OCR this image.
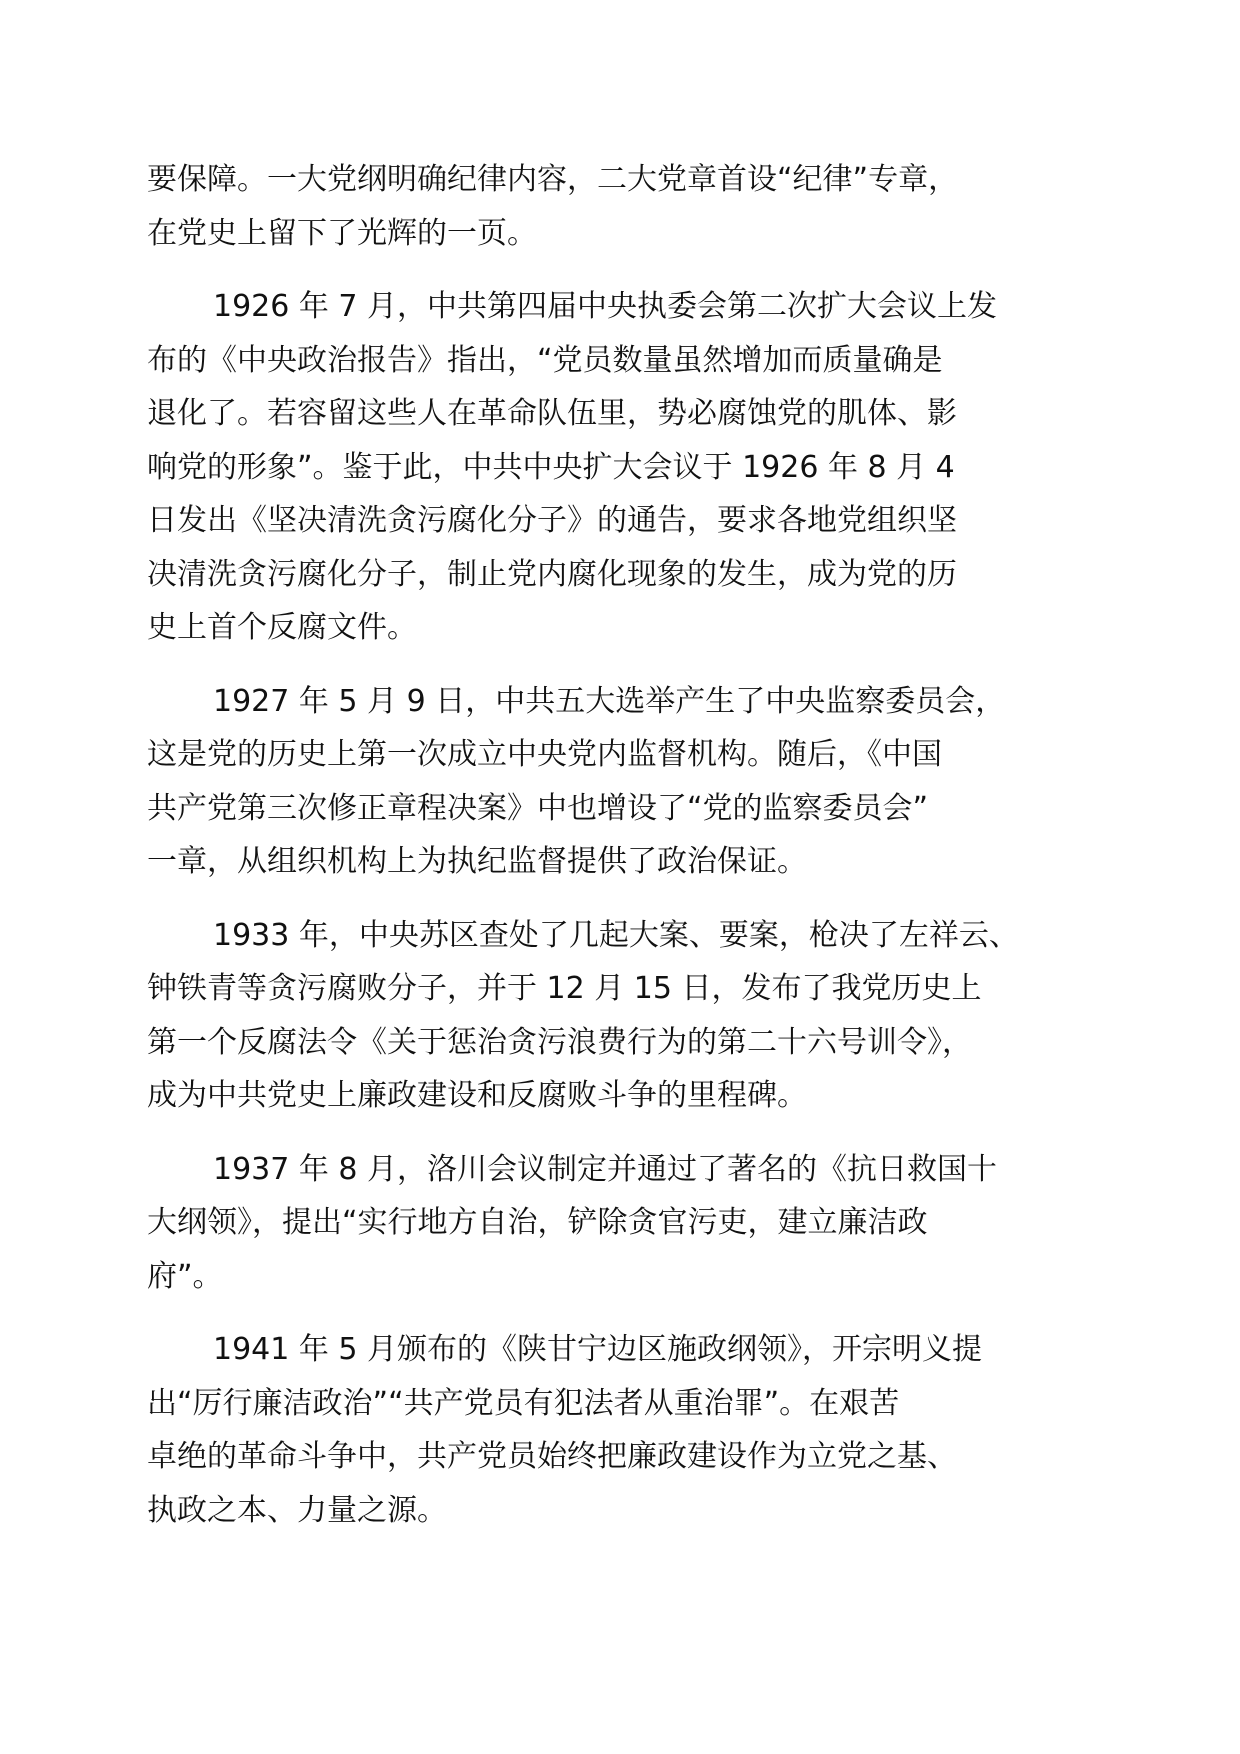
要保障。一大党纲明确纪律内容，二大党章首设“纪律”专章，
在党史上留下了光辉的一页。
1926 年 7 月，中共第四届中央执委会第二次扩大会议上发
布的《中央政治报告》指出，“党员数量虽然增加而质量确是
退化了。若容留这些人在革命队伍里，势必腐蚀党的肌体、影
响党的形象”。鉴于此，中共中央扩大会议于 1926 年 8 月 4
日发出《坚决清洗贪污腐化分子》的通告，要求各地党组织坚
决清洗贪污腐化分子，制止党内腐化现象的发生，成为党的历
史上首个反腐文件。
1927 年 5 月 9 日，中共五大选举产生了中央监察委员会，
这是党的历史上第一次成立中央党内监督机构。随后，《中国
共产党第三次修正章程决案》中也增设了“党的监察委员会”
一章，从组织机构上为执纪监督提供了政治保证。
1933 年，中央苏区查处了几起大案、要案，枪决了左祥云、
钟铁青等贪污腐败分子，并于 12 月 15 日，发布了我党历史上
第一个反腐法令《关于惩治贪污浪费行为的第二十六号训令》，
成为中共党史上廉政建设和反腐败斗争的里程碑。
1937 年 8 月，洛川会议制定并通过了著名的《抗日救国十
大纲领》，提出“实行地方自治，铲除贪官污吏，建立廉洁政
府”。
1941 年 5 月颁布的《陕甘宁边区施政纲领》，开宗明义提
出“厉行廉洁政治”“共产党员有犯法者从重治罪”。在艰苦
卓绝的革命斗争中，共产党员始终把廉政建设作为立党之基、
执政之本、力量之源。
